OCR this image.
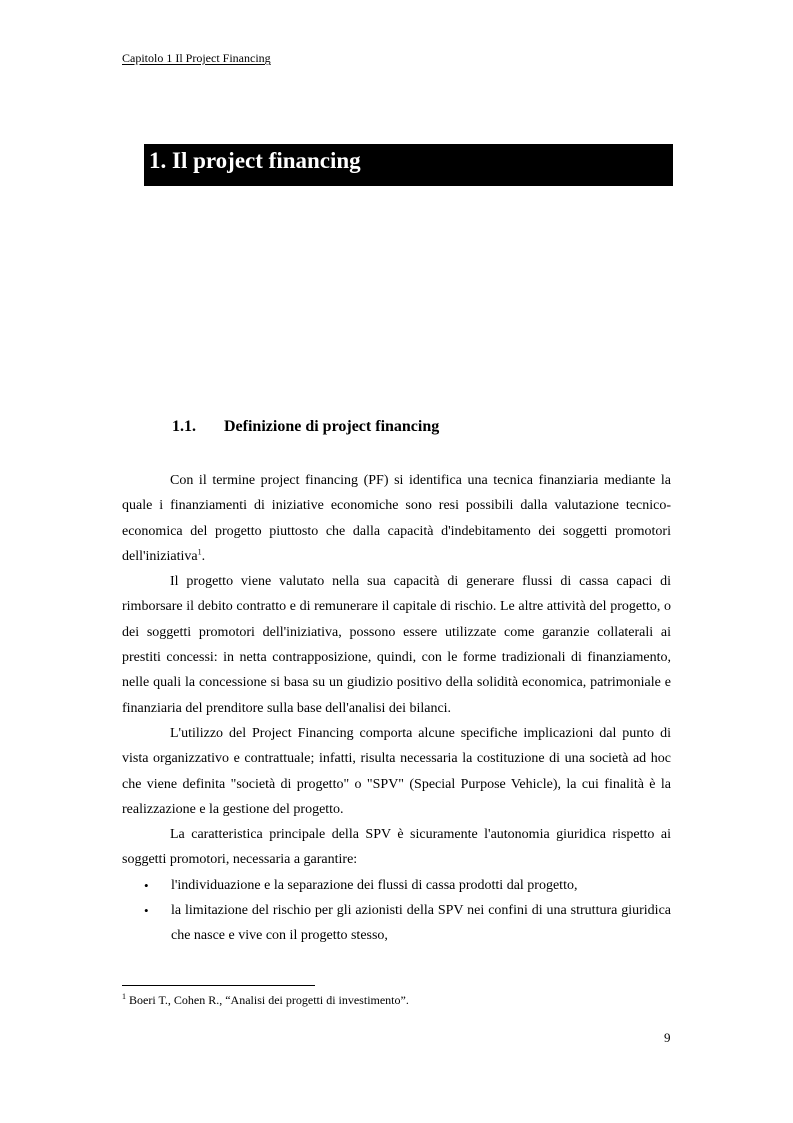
Capitolo 1 Il Project Financing
1. Il project financing
1.1. Definizione di project financing

Con il termine project financing (PF) si identifica una tecnica finanziaria mediante la quale i finanziamenti di iniziative economiche sono resi possibili dalla valutazione tecnico-economica del progetto piuttosto che dalla capacità d'indebitamento dei soggetti promotori dell'iniziativa$^1$.

Il progetto viene valutato nella sua capacità di generare flussi di cassa capaci di rimborsare il debito contratto e di remunerare il capitale di rischio. Le altre attività del progetto, o dei soggetti promotori dell'iniziativa, possono essere utilizzate come garanzie collaterali ai prestiti concessi: in netta contrapposizione, quindi, con le forme tradizionali di finanziamento, nelle quali la concessione si basa su un giudizio positivo della solidità economica, patrimoniale e finanziaria del prenditore sulla base dell'analisi dei bilanci.

L'utilizzo del Project Financing comporta alcune specifiche implicazioni dal punto di vista organizzativo e contrattuale; infatti, risulta necessaria la costituzione di una società ad hoc che viene definita "società di progetto" o "SPV" (Special Purpose Vehicle), la cui finalità è la realizzazione e la gestione del progetto.

La caratteristica principale della SPV è sicuramente l'autonomia giuridica rispetto ai soggetti promotori, necessaria a garantire:

• l'individuazione e la separazione dei flussi di cassa prodotti dal progetto,
• la limitazione del rischio per gli azionisti della SPV nei confini di una struttura giuridica che nasce e vive con il progetto stesso,
$^1$ Boeri T., Cohen R., “Analisi dei progetti di investimento”.
9
